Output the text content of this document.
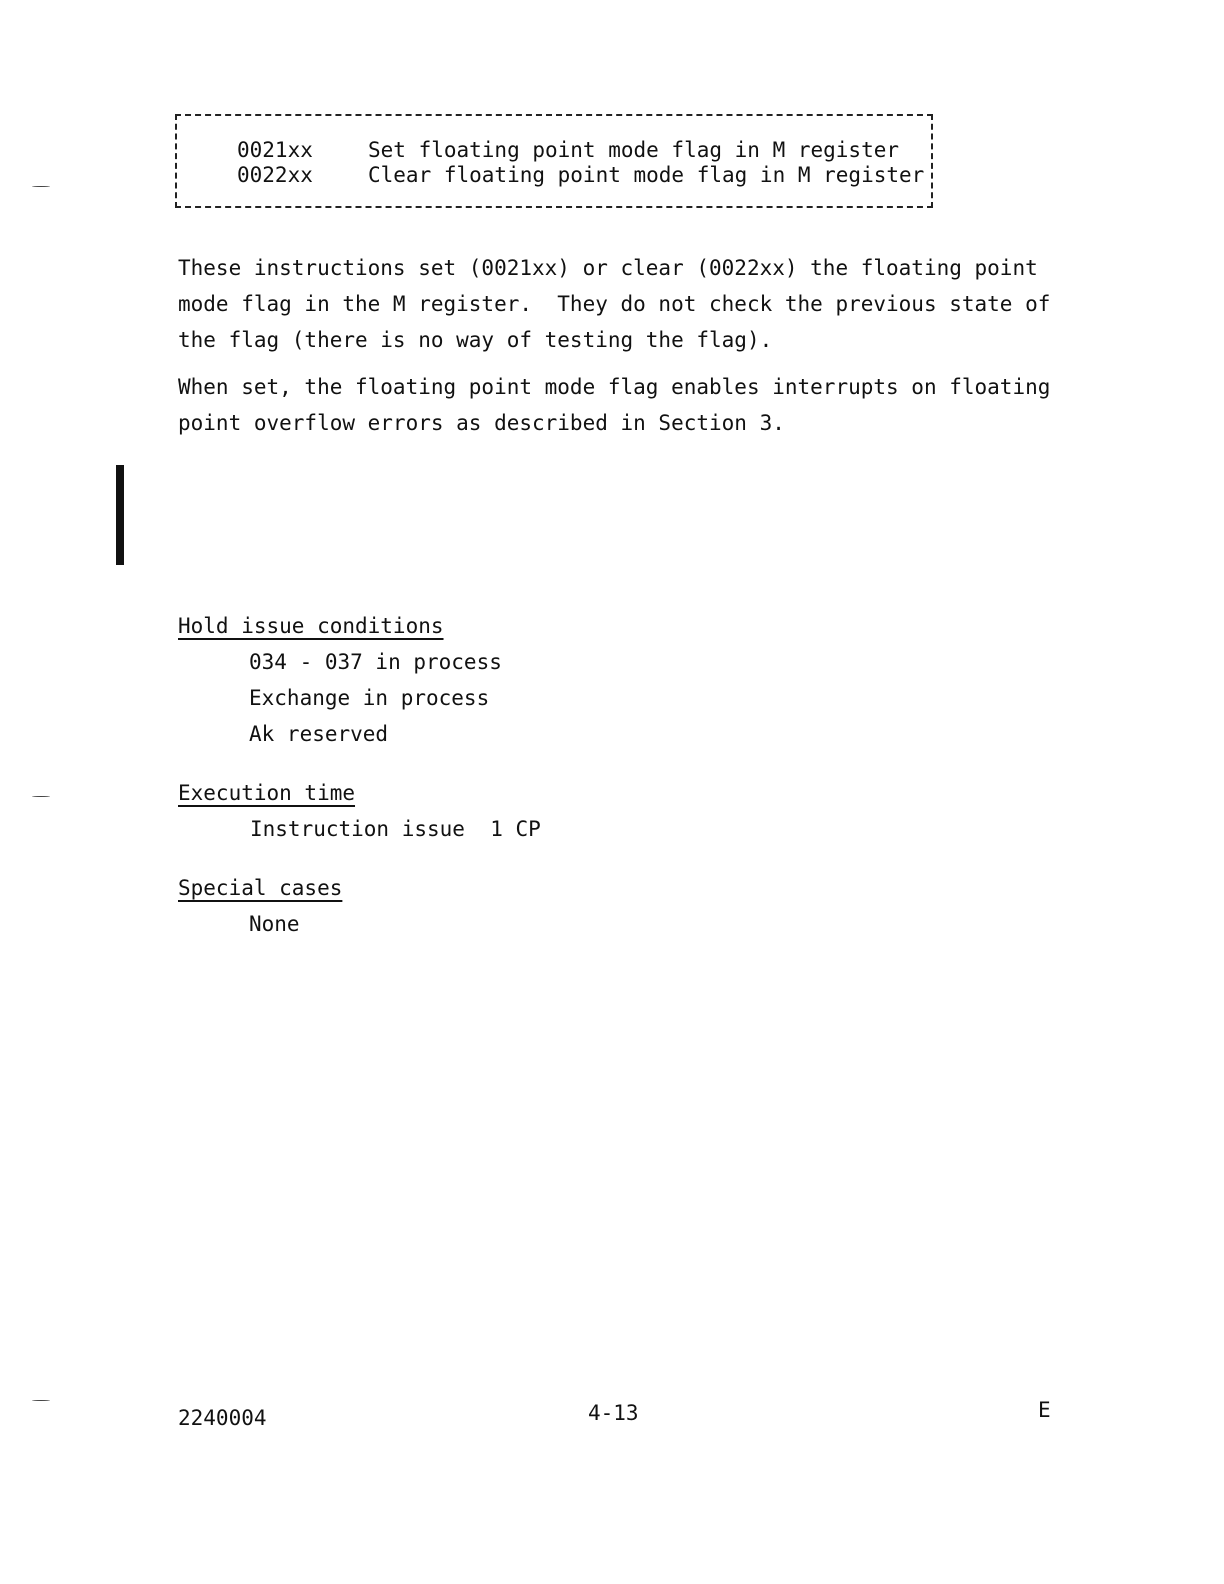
0021xx	Set floating point mode flag in M register
0022xx	Clear floating point mode flag in M register

These instructions set (0021xx) or clear (0022xx) the floating point
mode flag in the M register.  They do not check the previous state of
the flag (there is no way of testing the flag).

When set, the floating point mode flag enables interrupts on floating
point overflow errors as described in Section 3.

Hold issue conditions
034 - 037 in process
Exchange in process
Ak reserved
Execution time
Instruction issue  1 CP
Special cases
None
2240004	4-13	E
